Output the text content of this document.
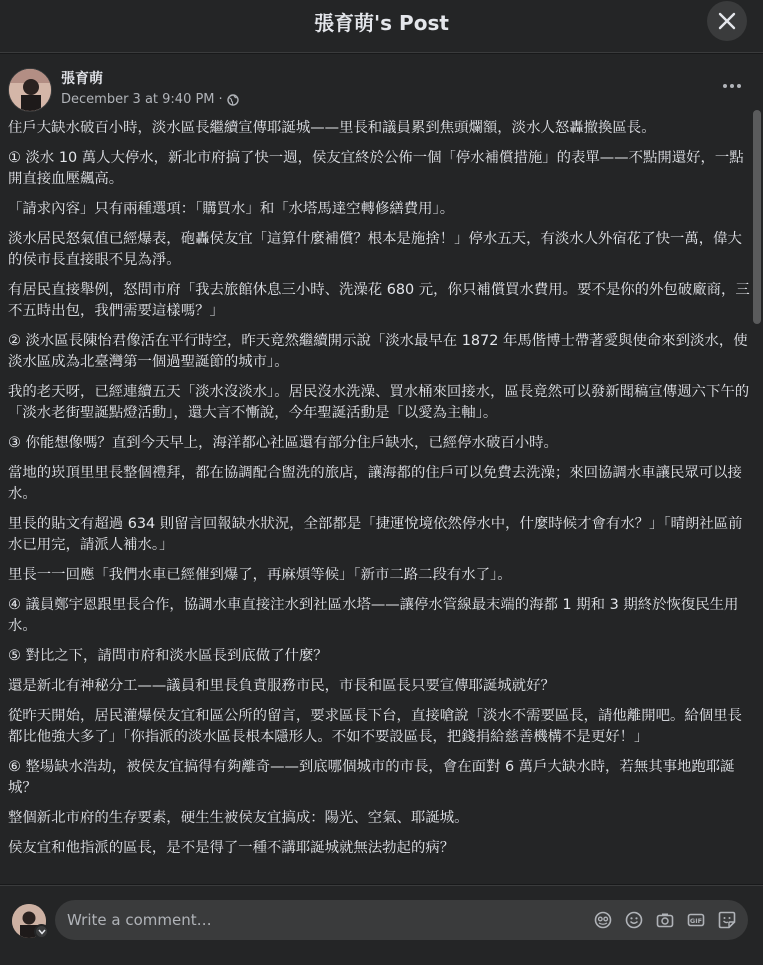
張育萌's Post
張育萌
December 3 at 9:40 PM ·

住戶大缺水破百小時，淡水區長繼續宣傳耶誕城——里長和議員累到焦頭爛額，淡水人怒轟撤換區長。

① 淡水 10 萬人大停水，新北市府搞了快一週，侯友宜終於公佈一個「停水補償措施」的表單——不點開還好，一點開直接血壓飆高。

「請求內容」只有兩種選項：「購買水」和「水塔馬達空轉修繕費用」。

淡水居民怒氣值已經爆表，砲轟侯友宜「這算什麼補償？根本是施捨！」停水五天，有淡水人外宿花了快一萬，偉大的侯市長直接眼不見為淨。

有居民直接舉例，怒問市府「我去旅館休息三小時、洗澡花 680 元，你只補償買水費用。要不是你的外包破廠商，三不五時出包，我們需要這樣嗎？」

② 淡水區長陳怡君像活在平行時空，昨天竟然繼續開示說「淡水最早在 1872 年馬偕博士帶著愛與使命來到淡水，使淡水區成為北臺灣第一個過聖誕節的城市」。

我的老天呀，已經連續五天「淡水沒淡水」。居民沒水洗澡、買水桶來回接水，區長竟然可以發新聞稿宣傳週六下午的「淡水老街聖誕點燈活動」，還大言不慚說，今年聖誕活動是「以愛為主軸」。

③ 你能想像嗎？直到今天早上，海洋都心社區還有部分住戶缺水，已經停水破百小時。

當地的崁頂里里長整個禮拜，都在協調配合盥洗的旅店，讓海都的住戶可以免費去洗澡；來回協調水車讓民眾可以接水。

里長的貼文有超過 634 則留言回報缺水狀況，全部都是「捷運悅境依然停水中，什麼時候才會有水？」「晴朗社區前水已用完，請派人補水。」

里長一一回應「我們水車已經催到爆了，再麻煩等候」「新市二路二段有水了」。

④ 議員鄭宇恩跟里長合作，協調水車直接注水到社區水塔——讓停水管線最末端的海都 1 期和 3 期終於恢復民生用水。

⑤ 對比之下，請問市府和淡水區長到底做了什麼？

還是新北有神秘分工——議員和里長負責服務市民，市長和區長只要宣傳耶誕城就好？

從昨天開始，居民灌爆侯友宜和區公所的留言，要求區長下台，直接嗆說「淡水不需要區長，請他離開吧。給個里長都比他強大多了」「你指派的淡水區長根本隱形人。不如不要設區長，把錢捐給慈善機構不是更好！」

⑥ 整場缺水浩劫，被侯友宜搞得有夠離奇——到底哪個城市的市長，會在面對 6 萬戶大缺水時，若無其事地跑耶誕城？

整個新北市府的生存要素，硬生生被侯友宜搞成：陽光、空氣、耶誕城。

侯友宜和他指派的區長，是不是得了一種不講耶誕城就無法勃起的病？

Write a comment…
GIF
